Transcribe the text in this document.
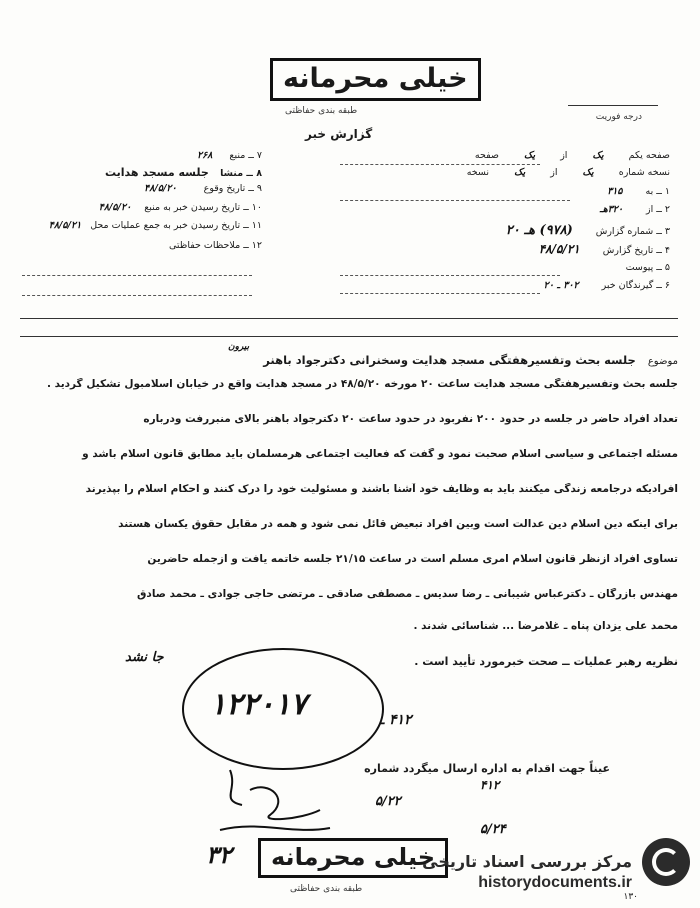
خیلی محرمانه
طبقه بندی حفاظتی
درجه فوریت
گزارش خبر
صفحه یکم یک از یک صفحه
نسخه شماره یک از یک نسخه
۱ ــ به ۳۱۵
۲ ــ از ۳۲۰هـ
۳ ــ شماره گزارش (۹۷۸) هـ ۲۰
۴ ــ تاریخ گزارش ۴۸/۵/۲۱
۵ ــ پیوست
۶ ــ گیرندگان خبر ۳۰۲ ـ ۲۰
۷ ــ منبع ۲۶۸
۸ ــ منشا جلسه مسجد هدایت
۹ ــ تاریخ وقوع ۴۸/۵/۲۰
۱۰ ــ تاریخ رسیدن خبر به منبع ۴۸/۵/۲۰
۱۱ ــ تاریخ رسیدن خبر به جمع عملیات محل ۴۸/۵/۲۱
۱۲ ــ ملاحظات حفاظتی
موضوع جلسه بحث وتفسیرهفتگی مسجد هدایت وسخنرانی دکترجواد باهنر
بیرون
جلسه بحث وتفسیرهفتگی مسجد هدایت ساعت ۲۰ مورخه ۴۸/۵/۲۰ در مسجد هدایت واقع در خیابان اسلامبول تشکیل گردید .
تعداد افراد حاضر در جلسه در حدود ۲۰۰ نفربود در حدود ساعت ۲۰ دکترجواد باهنر بالای منبررفت ودرباره
مسئله اجتماعی و سیاسی اسلام صحبت نمود و گفت که فعالیت اجتماعی هرمسلمان باید مطابق قانون اسلام باشد و
افرادیکه درجامعه زندگی میکنند باید به وظایف خود آشنا باشند و مسئولیت خود را درک کنند و احکام اسلام را بپذیرند
برای اینکه دین اسلام دین عدالت است وبین افراد تبعیض قائل نمی شود و همه در مقابل حقوق یکسان هستند
تساوی افراد ازنظر قانون اسلام امری مسلم است در ساعت ۲۱/۱۵ جلسه خاتمه یافت و ازجمله حاضرین
مهندس بازرگان ـ دکترعباس شیبانی ـ رضا سدیس ـ مصطفی صادقی ـ مرتضی حاجی جوادی ـ محمد صادق
محمد علی یزدان پناه ـ غلامرضا ... شناسائی شدند .
نظریه رهبر عملیات ــ صحت خبرمورد تأیید است .
جا نشد
۱۲۲۰۱۷	۴۱۲ ـ
عیناً جهت اقدام به اداره ارسال میگردد شماره
۴۱۲
۵/۲۲
۵/۲۴
۳۲	خیلی محرمانه
طبقه بندی حفاظتی
مرکز بررسی اسناد تاریخی
historydocuments.ir
۱۳۰
